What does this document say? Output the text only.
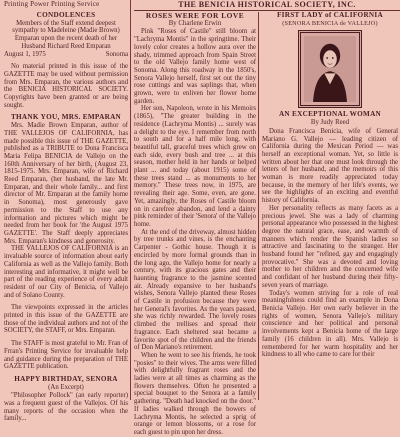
Printing Power Printing Service	THE BENICIA HISTORICAL SOCIETY, INC.

CONDOLENCES

Members of the Staff extend deepest sympathy to Madeleine (Madie Brown) Emparan upon the recent death of her Husband Richard Reed Emparan

August 1, 1975	Sonoma

No material printed in this issue of the GAZETTE may be used without permission from Mrs. Emparan, the various authors and the BENICIA HISTORICAL SOCIETY. Copyrights have been granted or are being sought.

THANK YOU, MRS. EMPARAN

Mrs. Madie Brown Emparan, author of THE VALLEJOS OF CALIFORNIA, has made possible this issue of THE GAZETTE, published as a TRIBUTE to Dona Francisca Maria Felipa BENICIA de Vallejo on the 160th Anniversary of her birth, (August 23, 1815-1975. Mrs. Emparan, wife of Richard Reed Emparan, (her husband, the late Mr. Emparan, and their whole family... and first director of Mr. Emparan at the family home in Sonoma), most generously gave permission to the Staff to use any information and pictures which might be needed from her book for 'the August 1975 GAZETTE'. The Staff deeply appreciates Mrs. Emparan's kindness and generosity.

THE VALLEJOS OF CALIFORNIA is an invaluable source of information about early California as well as the Vallejo family. Both interesting and informative, it might well be part of the reading experience of every adult resident of our City of Benicia, of Vallejo and of Solano County.

The viewpoints expressed in the articles printed in this issue of the GAZETTE are those of the individual authors and not of the SOCIETY, the STAFF, or Mrs. Emparan.

The STAFF is most grateful to Mr. Fran of Frran's Printing Service for invaluable help and guidance during the preparation of THE GAZETTE publication.

HAPPY BIRTHDAY, SENORA

(An Excerpt)

"Philosopher Pollock" (an early reporter) was a frequent guest of the Vallejos. Of his many reports of the occasion when the family...

ROSES WERE FOR LOVE

By Charlene Erwin

Pink "Roses of Castile" still bloom at "Lachryma Montis" in the springtime. Their lovely color creates a hollow aura over the shady, trimmed approach from Spain Street to the old Vallejo family home west of Sonoma. Along this roadway in the 1850's, Senora Vallejo herself, first set out the tiny rose cuttings and was saplings that, when grown, were to enliven her flower home garden.

Her son, Napoleon, wrote in his Memoirs (1865), "The greater building in the residence (Lachryma Montis) ... surely was a delight to the eye. I remember from north to south and for a half mile long, with beautiful tall, graceful trees which grew on each side, every bush and tree ... at this season, mother held in her hands or helped plant ... and today (about 1915) some of these trees stand ... as monuments to her memory." These trees now, in 1975, are revealing their age. Some, even, are gone. Yet, amazingly, the Roses of Castile bloom on in carefree abandon, and lend a dainty pink reminder of their 'Senora' of the Vallejo home.

At the end of the driveway, almost hidden by tree trunks and vines, is the enchanting Carpenter - Gothic house. Though it is encircled by more formal grounds than in the long ago, the Vallejo home for nearly a century, with its gracious gates and their haunting fragrance to the jasmine scented air. Already expansive to her husband's wishes, Senora Vallejo planted these Roses of Castile in profusion because they were her General's favorites. As the years passed, she was richly rewarded. The lovely roses climbed the trellises and spread their fragrance. Each sheltered seat became a favorite spot of the children and the friends of Don Mariano's retirement.

When he went to see his friends, he took "posies" to their wives. The arms were filled with delightfully fragrant roses and the ladies were at all times as charming as the flowers themselves. Often he presented a special bouquet to the Senora at a family gathering. "Death had knocked on the door." If ladies walked through the bowers of Lachryma Montis, he selected a sprig of orange or lemon blossoms, or a rose for each guest to pin upon her dress.

FIRST LADY of CALIFORNIA

(SENORA BENICIA de VALLEJO)

AN EXCEPTIONAL WOMAN

By Judy Reed

Dona Francisca Benicia, wife of General Mariano G. Vallejo — leading citizen of California during the Mexican Period — was herself an exceptional woman. Yet, so little is written about her that one must look through the letters of her husband, and the memoirs of this woman is more readily appreciated today because, in the memory of her life's events, we see the highlights of an exciting and eventful history of California.

Her personality reflects as many facets as a precious jewel. She was a lady of charming personal appearance who possessed in the highest degree the natural grace, ease, and warmth of manners which render the Spanish ladies so attractive and fascinating to the stranger. Her husband found her "refined, gay and engagingly provocative." She was a devoted and loving mother to her children and the concerned wife and confidant of her husband during their fifty-seven years of marriage.

Today's women striving for a role of real meaningfulness could find an example in Dona Benicia Vallejo. Her own early believer in the rights of women, Senora Vallejo's military conscience and her political and personal involvements kept a Benicia home of the large family (16 children in all). Mrs. Vallejo is remembered for her warm hospitality and her kindness to all who came to care for their
